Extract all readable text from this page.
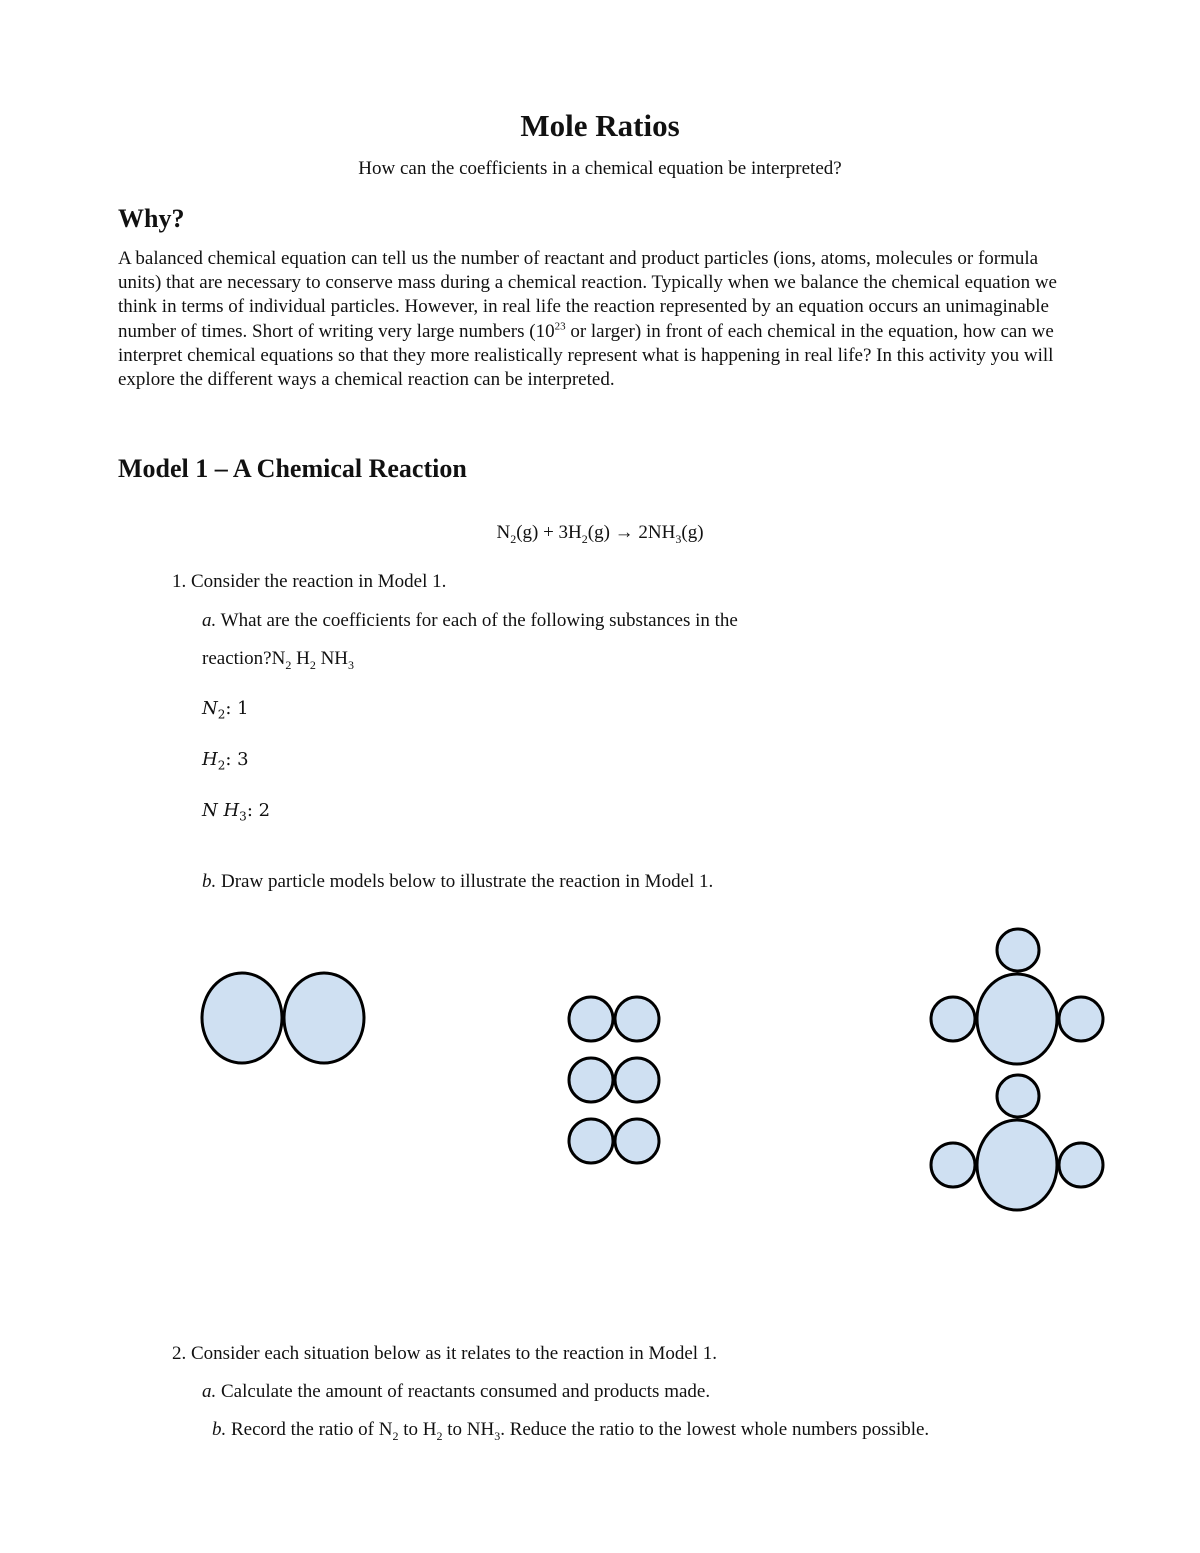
Mole Ratios

How can the coefficients in a chemical equation be interpreted?

Why?

A balanced chemical equation can tell us the number of reactant and product particles (ions, atoms, molecules or formula units) that are necessary to conserve mass during a chemical reaction. Typically when we balance the chemical equation we think in terms of individual particles. However, in real life the reaction represented by an equation occurs an unimaginable number of times. Short of writing very large numbers ($10^{23}$ or larger) in front of each chemical in the equation, how can we interpret chemical equations so that they more realistically represent what is happening in real life? In this activity you will explore the different ways a chemical reaction can be interpreted.

Model 1 – A Chemical Reaction

$N_2(g) + 3H_2(g) \to 2NH_3(g)$

1. Consider the reaction in Model 1.

a. What are the coefficients for each of the following substances in the

$reaction?N_2$ $H_2$ $NH_3$

$N_2$: 1

$H_2$: 3

N $H_3$: 2

b. Draw particle models below to illustrate the reaction in Model 1.

2. Consider each situation below as it relates to the reaction in Model 1.

a. Calculate the amount of reactants consumed and products made.

b. Record the ratio of $N_2$ to $H_2$ to $NH_3$. Reduce the ratio to the lowest whole numbers possible.
